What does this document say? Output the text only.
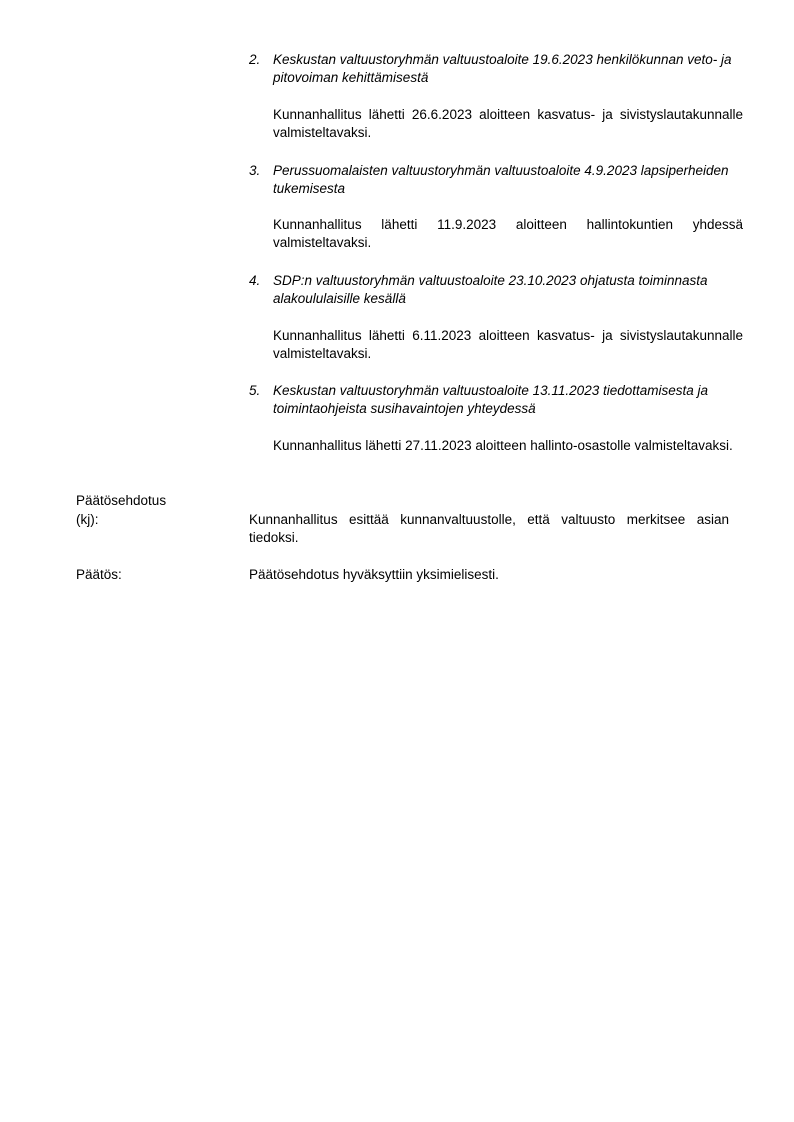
2. Keskustan valtuustoryhmän valtuustoaloite 19.6.2023 henkilökunnan veto- ja pitovoiman kehittämisestä
Kunnanhallitus lähetti 26.6.2023 aloitteen kasvatus- ja sivistyslautakunnalle valmisteltavaksi.
3. Perussuomalaisten valtuustoryhmän valtuustoaloite 4.9.2023 lapsiperheiden tukemisesta
Kunnanhallitus lähetti 11.9.2023 aloitteen hallintokuntien yhdessä valmisteltavaksi.
4. SDP:n valtuustoryhmän valtuustoaloite 23.10.2023 ohjatusta toiminnasta alakoululaisille kesällä
Kunnanhallitus lähetti 6.11.2023 aloitteen kasvatus- ja sivistyslautakunnalle valmisteltavaksi.
5. Keskustan valtuustoryhmän valtuustoaloite 13.11.2023 tiedottamisesta ja toimintaohjeista susihavaintojen yhteydessä
Kunnanhallitus lähetti 27.11.2023 aloitteen hallinto-osastolle valmisteltavaksi.
Päätösehdotus
(kj):	Kunnanhallitus esittää kunnanvaltuustolle, että valtuusto merkitsee asian tiedoksi.
Päätös:	Päätösehdotus hyväksyttiin yksimielisesti.
